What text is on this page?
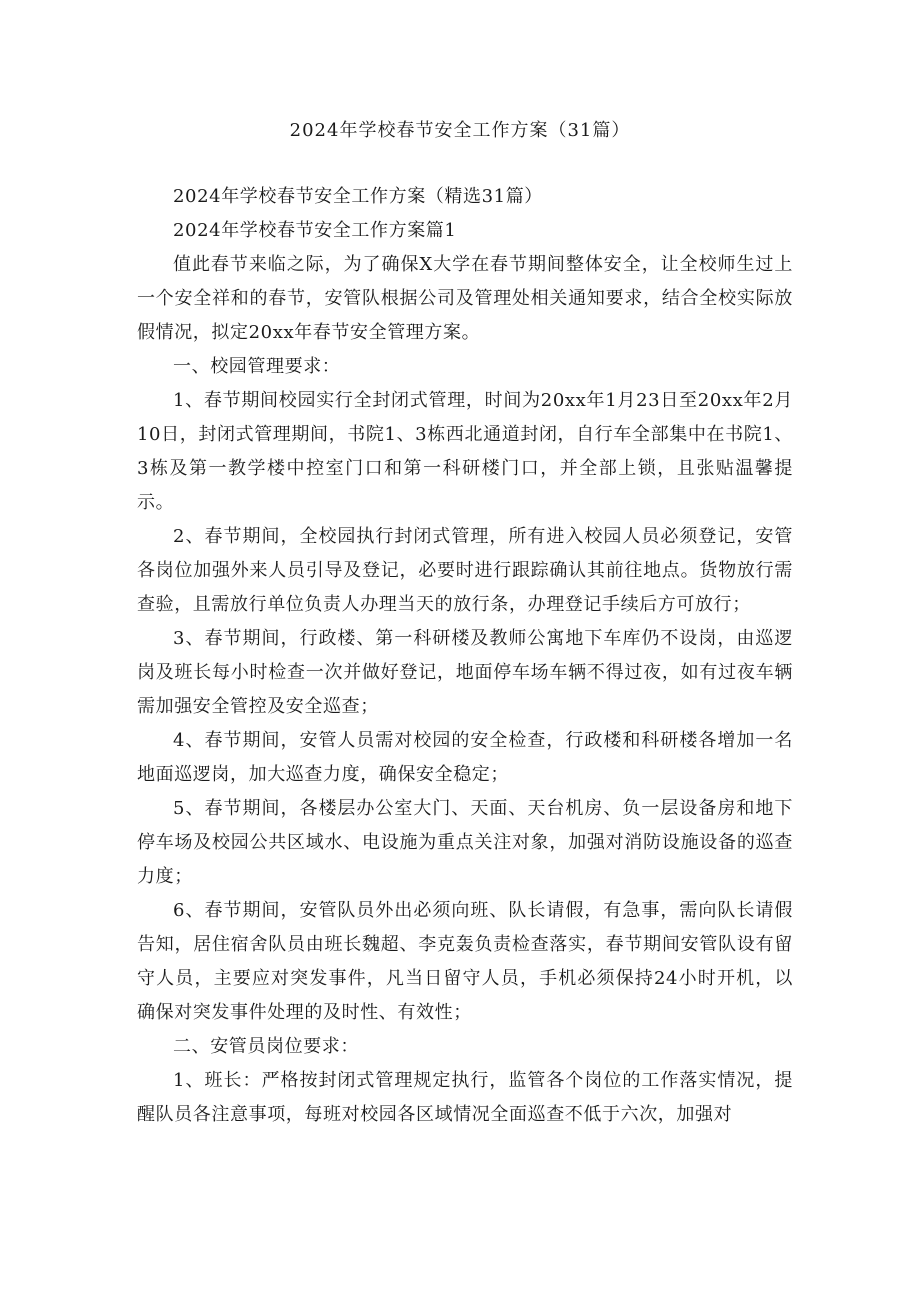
2024年学校春节安全工作方案（31篇）

2024年学校春节安全工作方案（精选31篇）

2024年学校春节安全工作方案篇1

值此春节来临之际，为了确保X大学在春节期间整体安全，让全校师生过上一个安全祥和的春节，安管队根据公司及管理处相关通知要求，结合全校实际放假情况，拟定20xx年春节安全管理方案。

一、校园管理要求：

1、春节期间校园实行全封闭式管理，时间为20xx年1月23日至20xx年2月10日，封闭式管理期间，书院1、3栋西北通道封闭，自行车全部集中在书院1、3栋及第一教学楼中控室门口和第一科研楼门口，并全部上锁，且张贴温馨提示。

2、春节期间，全校园执行封闭式管理，所有进入校园人员必须登记，安管各岗位加强外来人员引导及登记，必要时进行跟踪确认其前往地点。货物放行需查验，且需放行单位负责人办理当天的放行条，办理登记手续后方可放行；

3、春节期间，行政楼、第一科研楼及教师公寓地下车库仍不设岗，由巡逻岗及班长每小时检查一次并做好登记，地面停车场车辆不得过夜，如有过夜车辆需加强安全管控及安全巡查；

4、春节期间，安管人员需对校园的安全检查，行政楼和科研楼各增加一名地面巡逻岗，加大巡查力度，确保安全稳定；

5、春节期间，各楼层办公室大门、天面、天台机房、负一层设备房和地下停车场及校园公共区域水、电设施为重点关注对象，加强对消防设施设备的巡查力度；

6、春节期间，安管队员外出必须向班、队长请假，有急事，需向队长请假告知，居住宿舍队员由班长魏超、李克轰负责检查落实，春节期间安管队设有留守人员，主要应对突发事件，凡当日留守人员，手机必须保持24小时开机，以确保对突发事件处理的及时性、有效性；

二、安管员岗位要求：

1、班长：严格按封闭式管理规定执行，监管各个岗位的工作落实情况，提醒队员各注意事项，每班对校园各区域情况全面巡查不低于六次，加强对
